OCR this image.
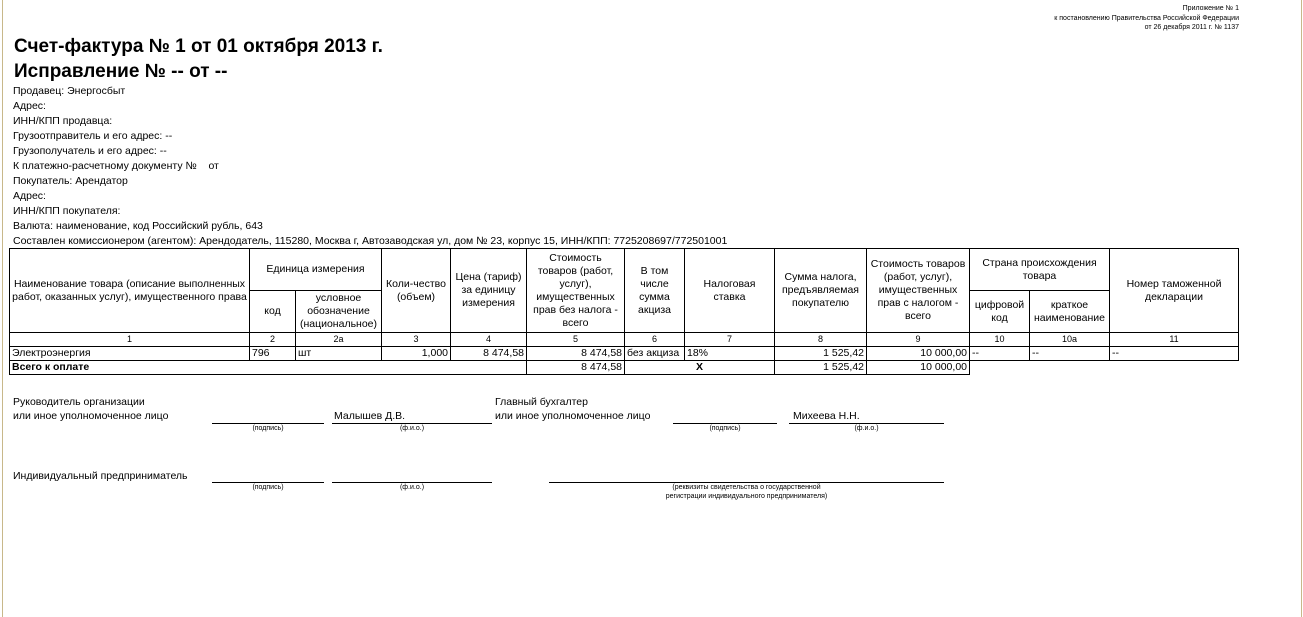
Приложение № 1
к постановлению Правительства Российской Федерации
от 26 декабря 2011 г. № 1137
Счет-фактура № 1 от 01 октября 2013 г.
Исправление № -- от --
Продавец: Энергосбыт
Адрес:
ИНН/КПП продавца:
Грузоотправитель и его адрес: --
Грузополучатель и его адрес: --
К платежно-расчетному документу №    от
Покупатель: Арендатор
Адрес:
ИНН/КПП покупателя:
Валюта: наименование, код Российский рубль, 643
Составлен комиссионером (агентом): Арендодатель, 115280, Москва г, Автозаводская ул, дом № 23, корпус 15, ИНН/КПП: 7725208697/772501001
Наименование товара (описание выполненных работ, оказанных услуг), имущественного права	Единица измерения		Коли-чество (объем)	Цена (тариф) за единицу измерения	Стоимость товаров (работ, услуг), имущественных прав без налога - всего	В том числе сумма акциза	Налоговая ставка	Сумма налога, предъявляемая покупателю	Стоимость товаров (работ, услуг), имущественных прав с налогом - всего	Страна происхождения товара		Номер таможенной декларации
	код	условное обозначение (национальное)								цифровой код	краткое наименование	
1	2	2а	3	4	5	6	7	8	9	10	10а	11
Электроэнергия	796	шт	1,000	8 474,58	8 474,58	без акциза	18%	1 525,42	10 000,00	--	--	--
Всего к оплате					8 474,58	X		1 525,42	10 000,00			
Руководитель организации
или иное уполномоченное лицо
(подпись)
Малышев Д.В.
(ф.и.о.)
Главный бухгалтер
или иное уполномоченное лицо
(подпись)
Михеева Н.Н.
(ф.и.о.)
Индивидуальный предприниматель
(подпись)	(ф.и.о.)	(реквизиты свидетельства о государственной
регистрации индивидуального предпринимателя)
